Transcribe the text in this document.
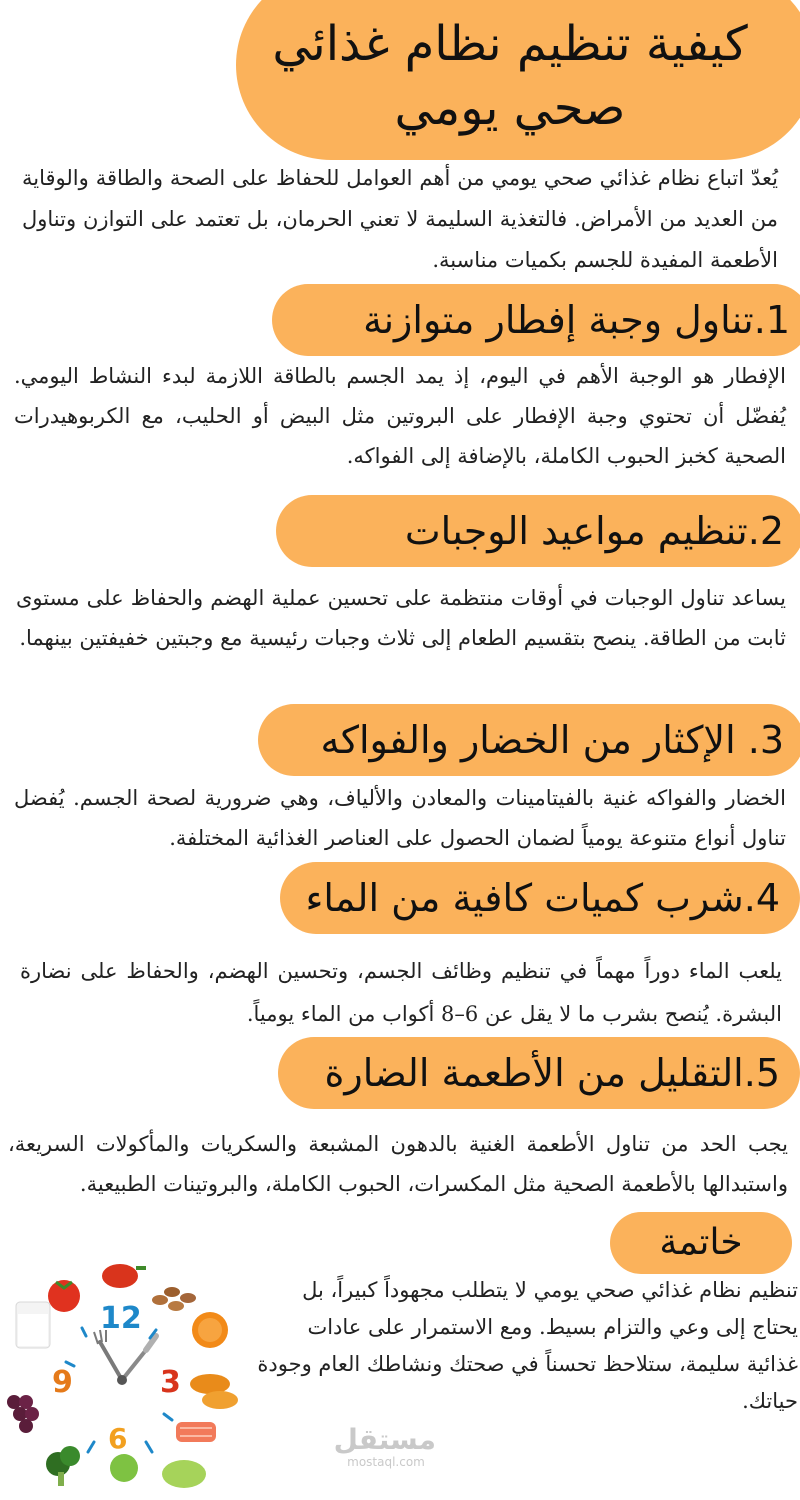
كيفية تنظيم نظام غذائي
صحي يومي

يُعدّ اتباع نظام غذائي صحي يومي من أهم العوامل للحفاظ على الصحة والطاقة والوقاية من العديد من الأمراض. فالتغذية السليمة لا تعني الحرمان، بل تعتمد على التوازن وتناول الأطعمة المفيدة للجسم بكميات مناسبة.

1.تناول وجبة إفطار متوازنة

الإفطار هو الوجبة الأهم في اليوم، إذ يمد الجسم بالطاقة اللازمة لبدء النشاط اليومي. يُفضّل أن تحتوي وجبة الإفطار على البروتين مثل البيض أو الحليب، مع الكربوهيدرات الصحية كخبز الحبوب الكاملة، بالإضافة إلى الفواكه.

2.تنظيم مواعيد الوجبات

يساعد تناول الوجبات في أوقات منتظمة على تحسين عملية الهضم والحفاظ على مستوى ثابت من الطاقة. ينصح بتقسيم الطعام إلى ثلاث وجبات رئيسية مع وجبتين خفيفتين بينهما.

3. الإكثار من الخضار والفواكه

الخضار والفواكه غنية بالفيتامينات والمعادن والألياف، وهي ضرورية لصحة الجسم. يُفضل تناول أنواع متنوعة يومياً لضمان الحصول على العناصر الغذائية المختلفة.

4.شرب كميات كافية من الماء

يلعب الماء دوراً مهماً في تنظيم وظائف الجسم، وتحسين الهضم، والحفاظ على نضارة البشرة. يُنصح بشرب ما لا يقل عن 6–8 أكواب من الماء يومياً.

5.التقليل من الأطعمة الضارة

يجب الحد من تناول الأطعمة الغنية بالدهون المشبعة والسكريات والمأكولات السريعة، واستبدالها بالأطعمة الصحية مثل المكسرات، الحبوب الكاملة، والبروتينات الطبيعية.

خاتمة

تنظيم نظام غذائي صحي يومي لا يتطلب مجهوداً كبيراً، بل يحتاج إلى وعي والتزام بسيط. ومع الاستمرار على عادات غذائية سليمة، ستلاحظ تحسناً في صحتك ونشاطك العام وجودة حياتك.

12
3
6
9
مستقل
mostaql.com
